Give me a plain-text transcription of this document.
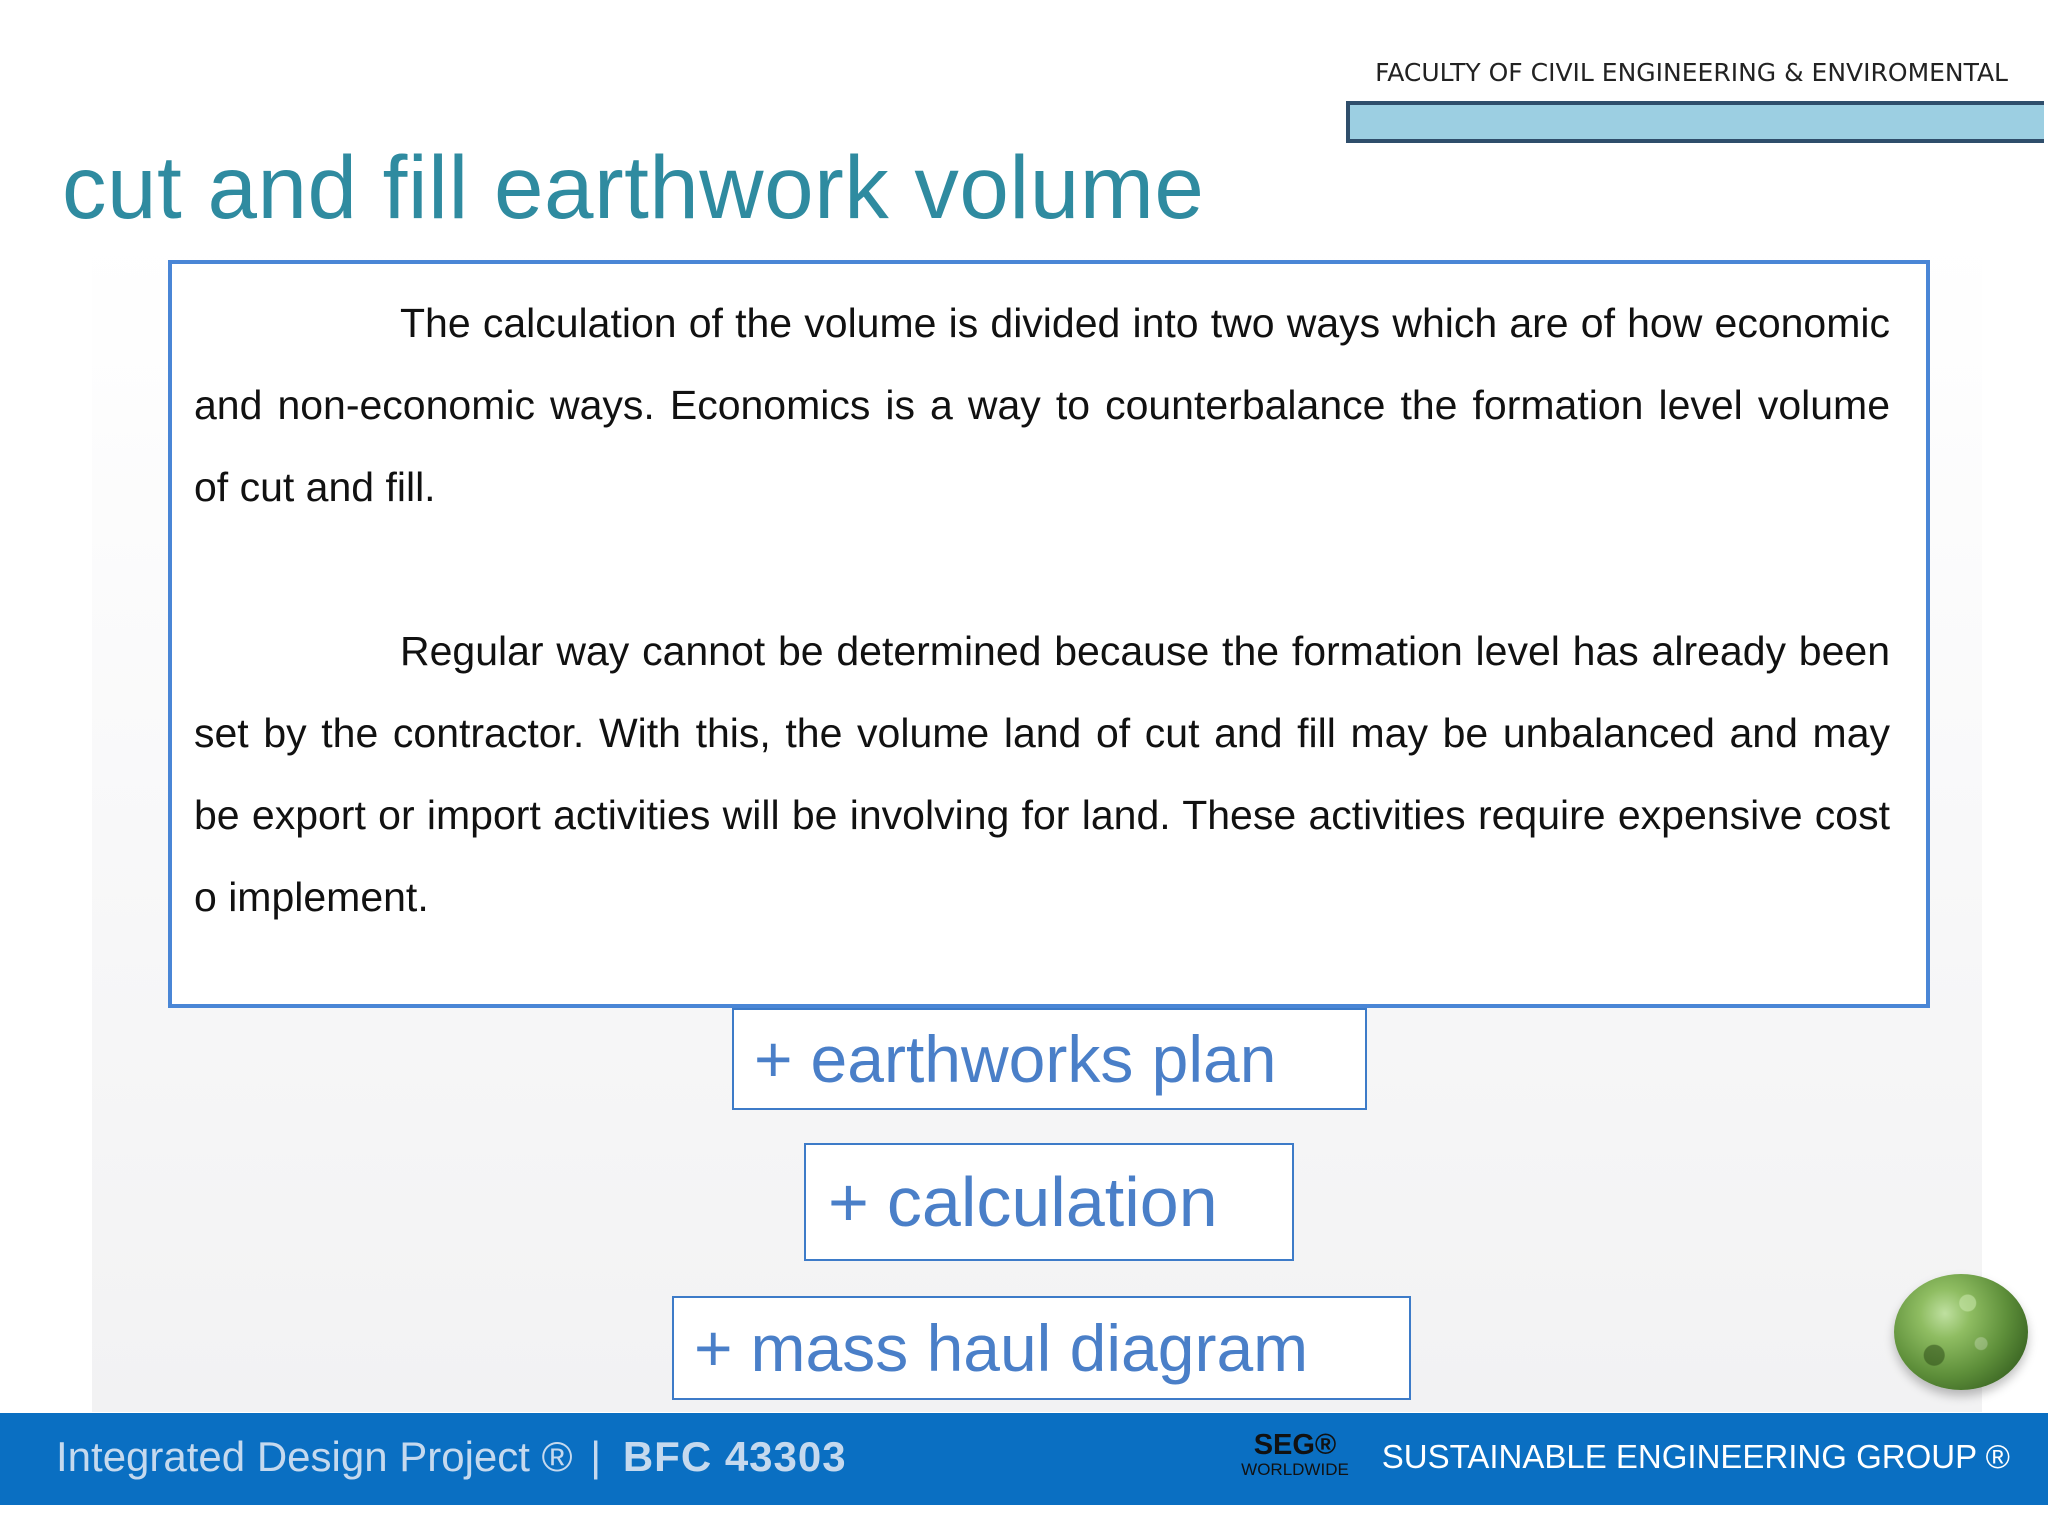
FACULTY OF CIVIL ENGINEERING & ENVIROMENTAL
cut and fill earthwork volume

The calculation of the volume is divided into two ways which are of how economic and non-economic ways. Economics is a way to counterbalance the formation level volume of cut and fill.

Regular way cannot be determined because the formation level has already been set by the contractor. With this, the volume land of cut and fill may be unbalanced and may be export or import activities will be involving for land. These activities require expensive cost o implement.

+ earthworks plan
+ calculation
+ mass haul diagram
Integrated Design Project ® | BFC 43303	SEG®
WORLDWIDE SUSTAINABLE ENGINEERING GROUP ®
